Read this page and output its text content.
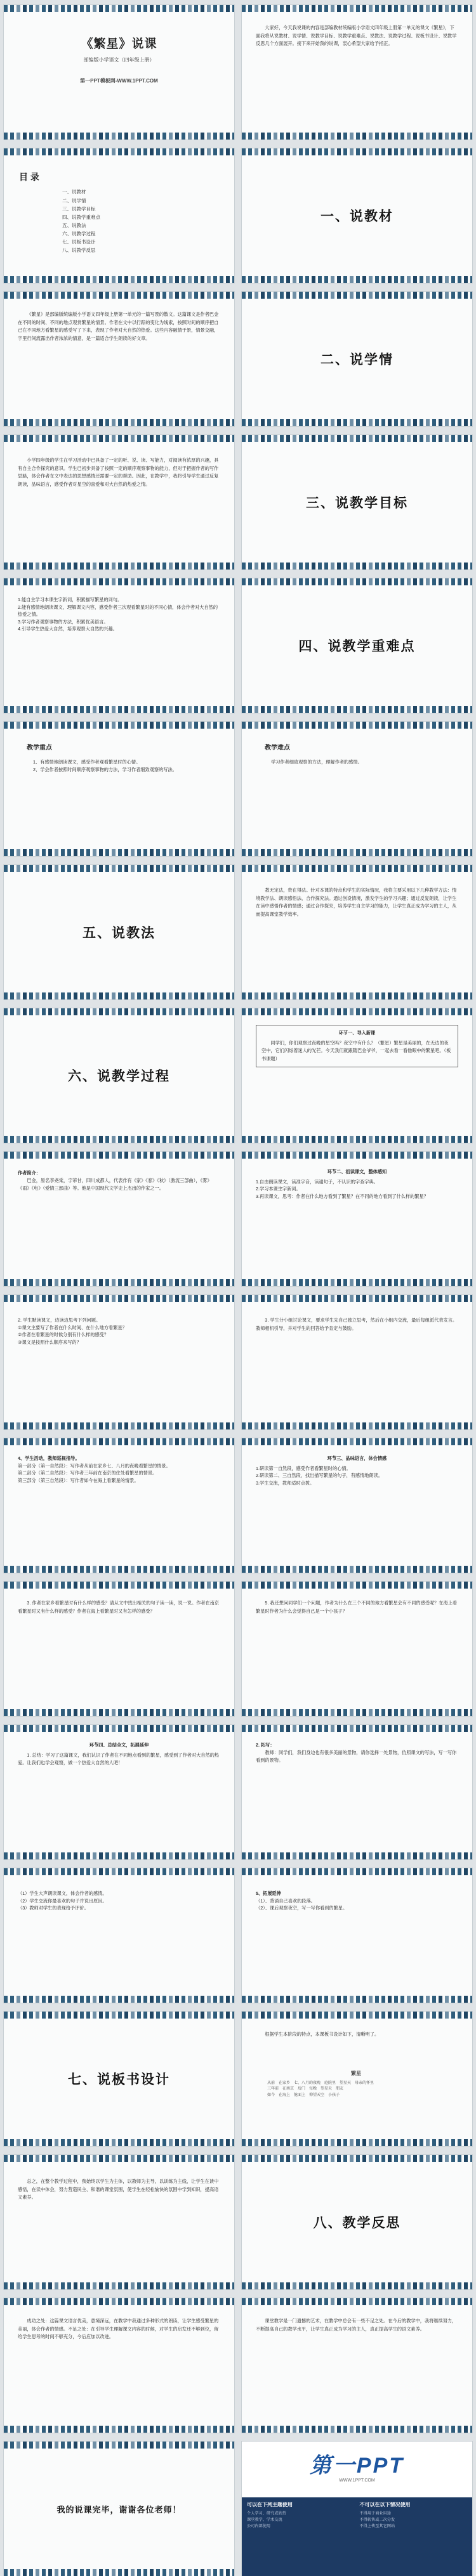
《繁星》说课
部编版小学语文（四年级上册）
第一PPT模板网-WWW.1PPT.COM

大家好，今天我说课的内容是部编教材统编版小学语文四年级上册第一单元的课文《繁星》，下面我将从说教材、说学情、说教学目标、说教学重难点、说教法、说教学过程、说板书设计、说教学反思几个方面展开。接下来开始我的说课，衷心希望大家给予指正。

目 录
一、说教材
二、说学情
三、说教学目标
四、说教学重难点
五、说教法
六、说教学过程
七、说板书设计
八、说教学反思
一、说教材

《繁星》是部编版统编版小学语文四年级上册第一单元的一篇写景的散文。这篇课文是作者巴金在不同的时间、不同的地点观赏繁星的情景。作者在文中以行踪的变化为线索，按照时间的顺序把自己在不同地方看繁星的感受写了下来，表现了作者对大自然的热爱。这些内容融情于景，情景交融，字里行间流露出作者浓浓的情意，是一篇适合学生朗读的好文章。

二、说学情

小学四年级的学生在学习活动中已具备了一定的听、说、读、写能力，对阅读有浓厚的兴趣，具有自主合作探究的意识。学生已初步具备了按照一定的顺序观察事物的能力，但对于把握作者的写作思路，体会作者在文中表达的思想感情还需要一定的帮助。因此，在教学中，我将引导学生通过反复朗读，品味语言，感受作者对星空的喜爱和对大自然的热爱之情。

三、说教学目标
1.能自主学习本课生字新词，积累描写繁星的词句。
2.能有感情地朗读课文，理解课文内容，感受作者三次观看繁星时的不同心情，体会作者对大自然的热爱之情。
3.学习作者观察事物的方法，积累优美语言。
4.引导学生热爱大自然，培养观察大自然的兴趣。
四、说教学重难点
教学重点
1、有感情地朗读课文，感受作者观看繁星时的心情。
2、学会作者按照时间顺序观察事物的方法，学习作者细致观察的写法。
教学难点
学习作者细致观察的方法，理解作者的感情。
五、说教法

教无定法，贵在得法。针对本课的特点和学生的实际情况，我将主要采用以下几种教学方法：情境教学法、朗读感悟法、合作探究法。通过创设情境，激发学生的学习兴趣；通过反复朗读，让学生在读中感悟作者的情感；通过合作探究，培养学生自主学习的能力，让学生真正成为学习的主人，从而提高课堂教学效率。

六、说教学过程
环节一、导入新课

同学们，你们观察过夜晚的星空吗？夜空中有什么？（繁星）繁星是美丽的，在无边的夜空中，它们闪烁着迷人的光芒。今天我们就跟随巴金爷爷，一起去看一看他眼中的繁星吧。（板书课题）

作者简介：

巴金，原名李尧棠，字芾甘，四川成都人，代表作有《家》《春》《秋》（激流三部曲），《雾》《雨》《电》（爱情三部曲）等。他是中国现代文学史上杰出的作家之一。

环节二、初读课文，整体感知
1.自由朗读课文，读准字音，读通句子，不认识的字查字典。
2.学习本课生字新词。
3.再读课文，思考：作者在什么地方看到了繁星？在不同的地方看到了什么样的繁星？
2. 学生默读课文，边读边思考下列问题。
①课文主要写了作者在什么时间、在什么地方看繁星？
②作者在看繁星的时候分别有什么样的感受？
③课文是按照什么顺序来写的？

3. 学生分小组讨论课文，要求学生先自己独立思考，然后在小组内交流，最后每组派代表发言。教师相机引导，并对学生的回答给予肯定与鼓励。

4、学生活动，教师巡视指导。
第一部分（第一自然段）：写作者从前在家乡七、八月的夜晚看繁星的情景。
第二部分（第二自然段）：写作者三年前在南京的住处看繁星的情景。
第三部分（第三自然段）：写作者如今在海上看繁星的情景。
环节三、品味语言，体会情感
1.研读第一自然段，感受作者看繁星时的心情。
2.研读第二、三自然段，找出描写繁星的句子，有感情地朗读。
3.学生交流，教师适时点拨。

3. 作者在家乡看繁星时有什么样的感受？请从文中找出相关的句子读一读，说一说。作者在南京看繁星时又有什么样的感受？作者在海上看繁星时又有怎样的感受？

5. 我还想问同学们一个问题，作者为什么在三个不同的地方看繁星会有不同的感受呢？在海上看繁星时作者为什么会觉得自己是一个小孩子？

环节四、总结全文，拓展延伸

1. 总结：学习了这篇课文，我们认识了作者在不同地点看到的繁星，感受到了作者对大自然的热爱。让我们也学会观察，做一个热爱大自然的人吧！

2. 拓写：

教师：同学们，我们身边也有很多美丽的景物，请你选择一处景物，仿照课文的写法，写一写你看到的景物。

（1）学生大声朗读课文，体会作者的感情。
（2）学生交流你最喜欢的句子并说出原因。
（3）教师对学生的表现给予评价。
5、拓展延伸
（1）、背诵自己喜欢的段落。
（2）、课后观察夜空，写一写你看到的繁星。
七、说板书设计

根据学生本阶段的特点，本课板书设计如下，清晰明了。

繁星
从前　在家乡　七、八月的夜晚　庭院里　望星天　母亲的怀里
三年前　在南京　后门　每晚　望星天　朋友
如今　在海上　舱面上　仰望天空　小孩子

总之，在整个教学过程中，我始终以学生为主体，以教师为主导，以训练为主线，让学生在读中感悟，在读中体会，努力营造民主、和谐的课堂氛围，使学生在轻松愉快的氛围中学到知识，提高语文素养。

八、教学反思

成功之处：这篇课文语言优美，意境深远，在教学中我通过多种形式的朗读，让学生感受繁星的美丽，体会作者的情感。不足之处：在引导学生理解课文内容的时候，对学生的启发还不够到位，留给学生思考的时间不够充分，今后应加以改进。

课堂教学是一门遗憾的艺术，在教学中总会有一些不足之处。在今后的教学中，我将继续努力，不断提高自己的教学水平，让学生真正成为学习的主人，真正提高学生的语文素养。

我的说课完毕，谢谢各位老师！
第一PPT
WWW.1PPT.COM
可以在下列主题使用
个人学习、研究或欣赏
课堂教学、学术交流
公司内部使用
不可以在以下情况使用
不得用于商业用途
不得转售或二次分发
不得上传至其它网站
